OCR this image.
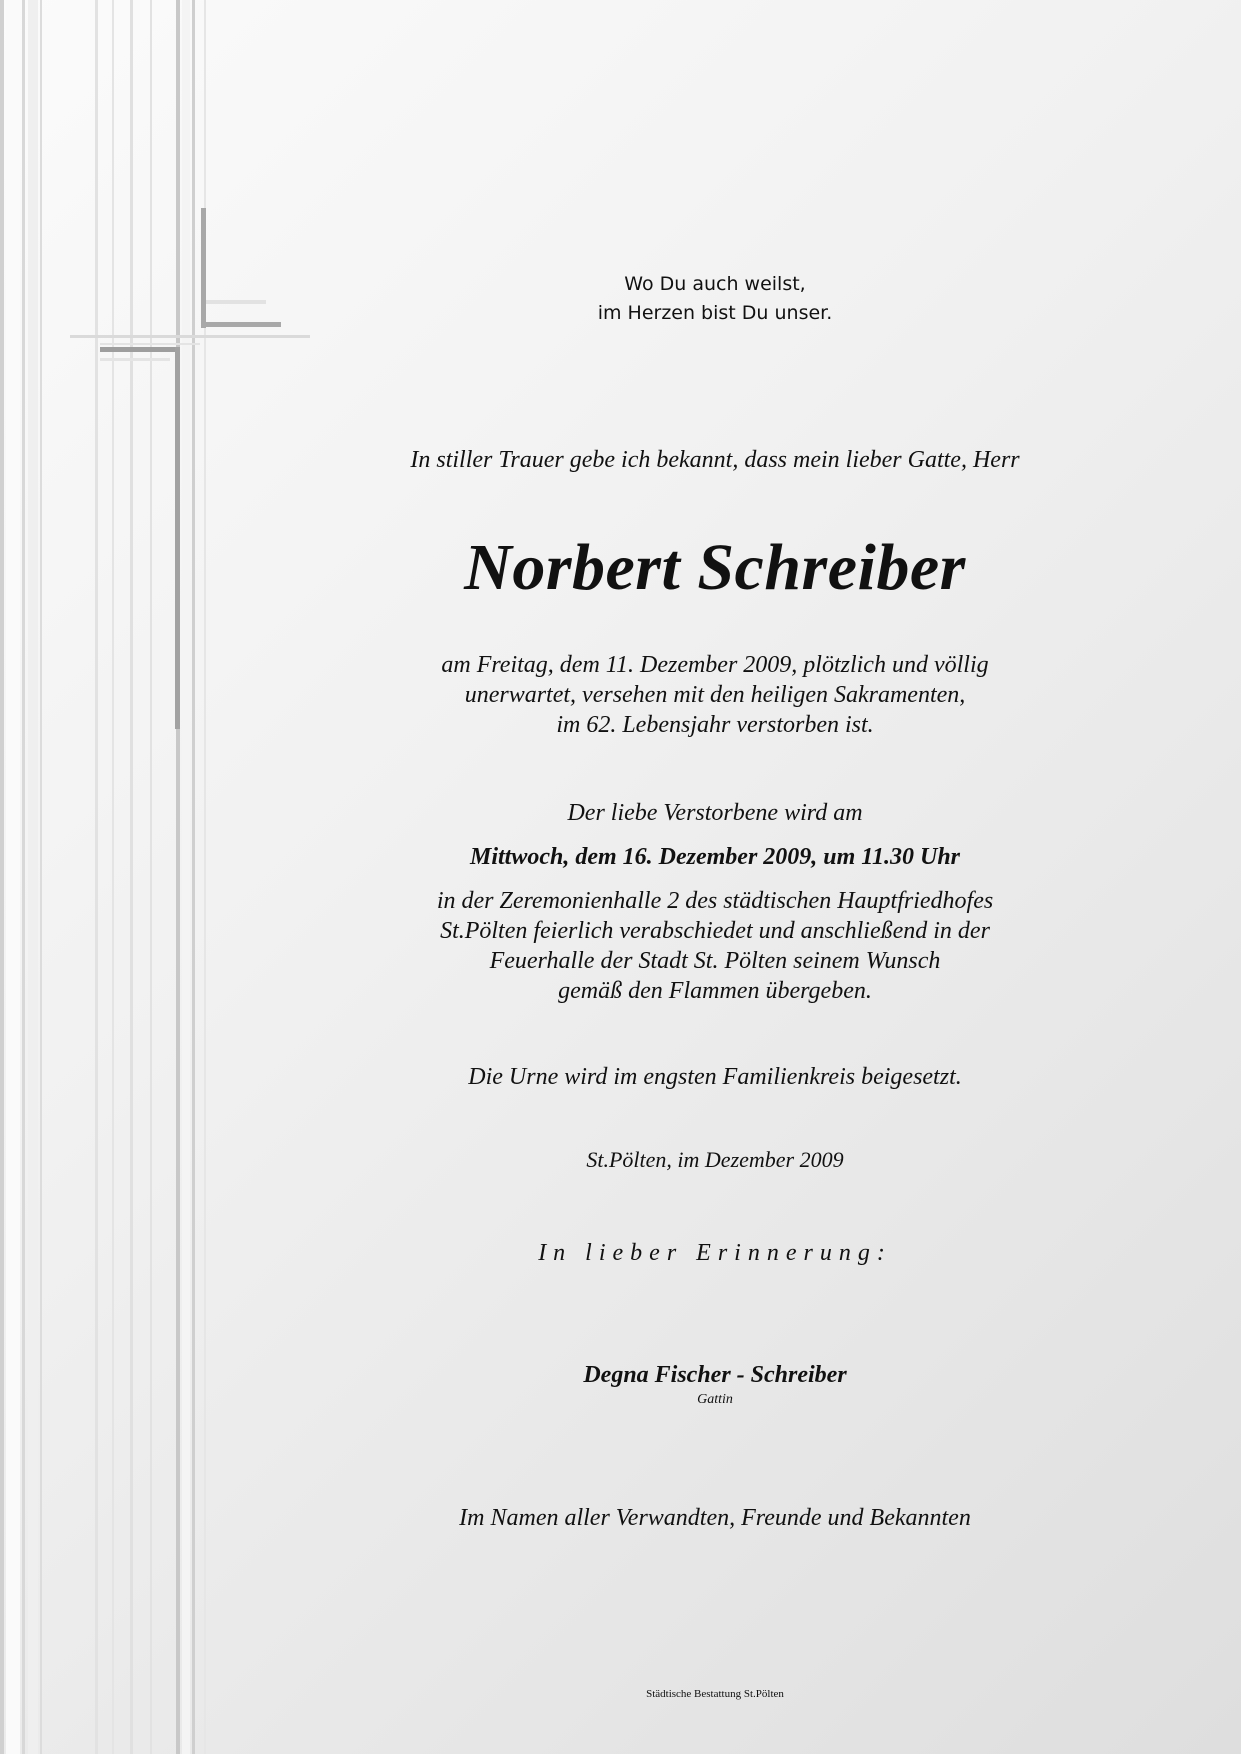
Wo Du auch weilst,

im Herzen bist Du unser.

In stiller Trauer gebe ich bekannt, dass mein lieber Gatte, Herr

Norbert Schreiber

am Freitag, dem 11. Dezember 2009, plötzlich und völlig

unerwartet, versehen mit den heiligen Sakramenten,

im 62. Lebensjahr verstorben ist.

Der liebe Verstorbene wird am

Mittwoch, dem 16. Dezember 2009, um 11.30 Uhr

in der Zeremonienhalle 2 des städtischen Hauptfriedhofes

St.Pölten feierlich verabschiedet und anschließend in der

Feuerhalle der Stadt St. Pölten seinem Wunsch

gemäß den Flammen übergeben.

Die Urne wird im engsten Familienkreis beigesetzt.

St.Pölten, im Dezember 2009

In lieber Erinnerung:

Degna Fischer - Schreiber

Gattin

Im Namen aller Verwandten, Freunde und Bekannten

Städtische Bestattung St.Pölten
